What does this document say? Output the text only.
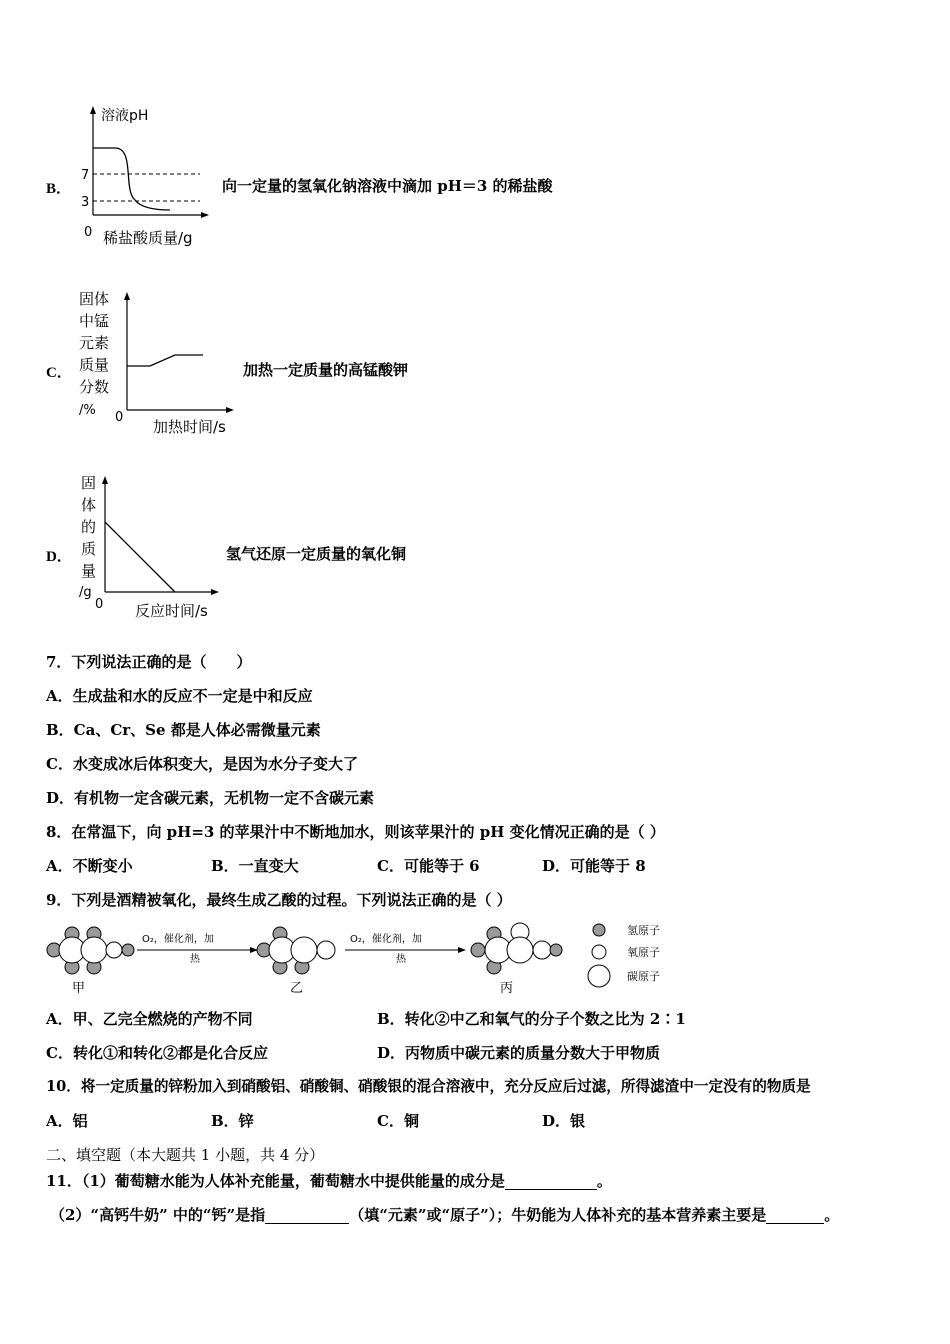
B．
溶液pH
7
3
0 稀盐酸质量/g
向一定量的氢氧化钠溶液中滴加 pH＝3 的稀盐酸
C．
固体
中锰
元素
质量
分数
/% 0
加热时间/s
加热一定质量的高锰酸钾
D．
固
体
的
质
量
/g
0 反应时间/s
氢气还原一定质量的氧化铜
7．下列说法正确的是（　　）
A．生成盐和水的反应不一定是中和反应
B．Ca、Cr、Se 都是人体必需微量元素
C．水变成冰后体积变大，是因为水分子变大了
D．有机物一定含碳元素，无机物一定不含碳元素
8．在常温下，向 pH=3 的苹果汁中不断地加水，则该苹果汁的 pH 变化情况正确的是（ ）
A．不断变小	B．一直变大	C．可能等于 6	D．可能等于 8
9．下列是酒精被氧化，最终生成乙酸的过程。下列说法正确的是（ ）
甲
O₂，催化剂，加
热
乙
O₂，催化剂，加
热
丙
氢原子
氧原子
碳原子
A．甲、乙完全燃烧的产物不同	B．转化②中乙和氧气的分子个数之比为 2∶1
C．转化①和转化②都是化合反应	D．丙物质中碳元素的质量分数大于甲物质
10．将一定质量的锌粉加入到硝酸铝、硝酸铜、硝酸银的混合溶液中，充分反应后过滤，所得滤渣中一定没有的物质是
A．铝	B．锌	C．铜	D．银
二、填空题（本大题共 1 小题，共 4 分）
11．（1）葡萄糖水能为人体补充能量，葡萄糖水中提供能量的成分是	。
（2）“高钙牛奶” 中的“钙”是指	（填“元素”或“原子”）；牛奶能为人体补充的基本营养素主要是	。
